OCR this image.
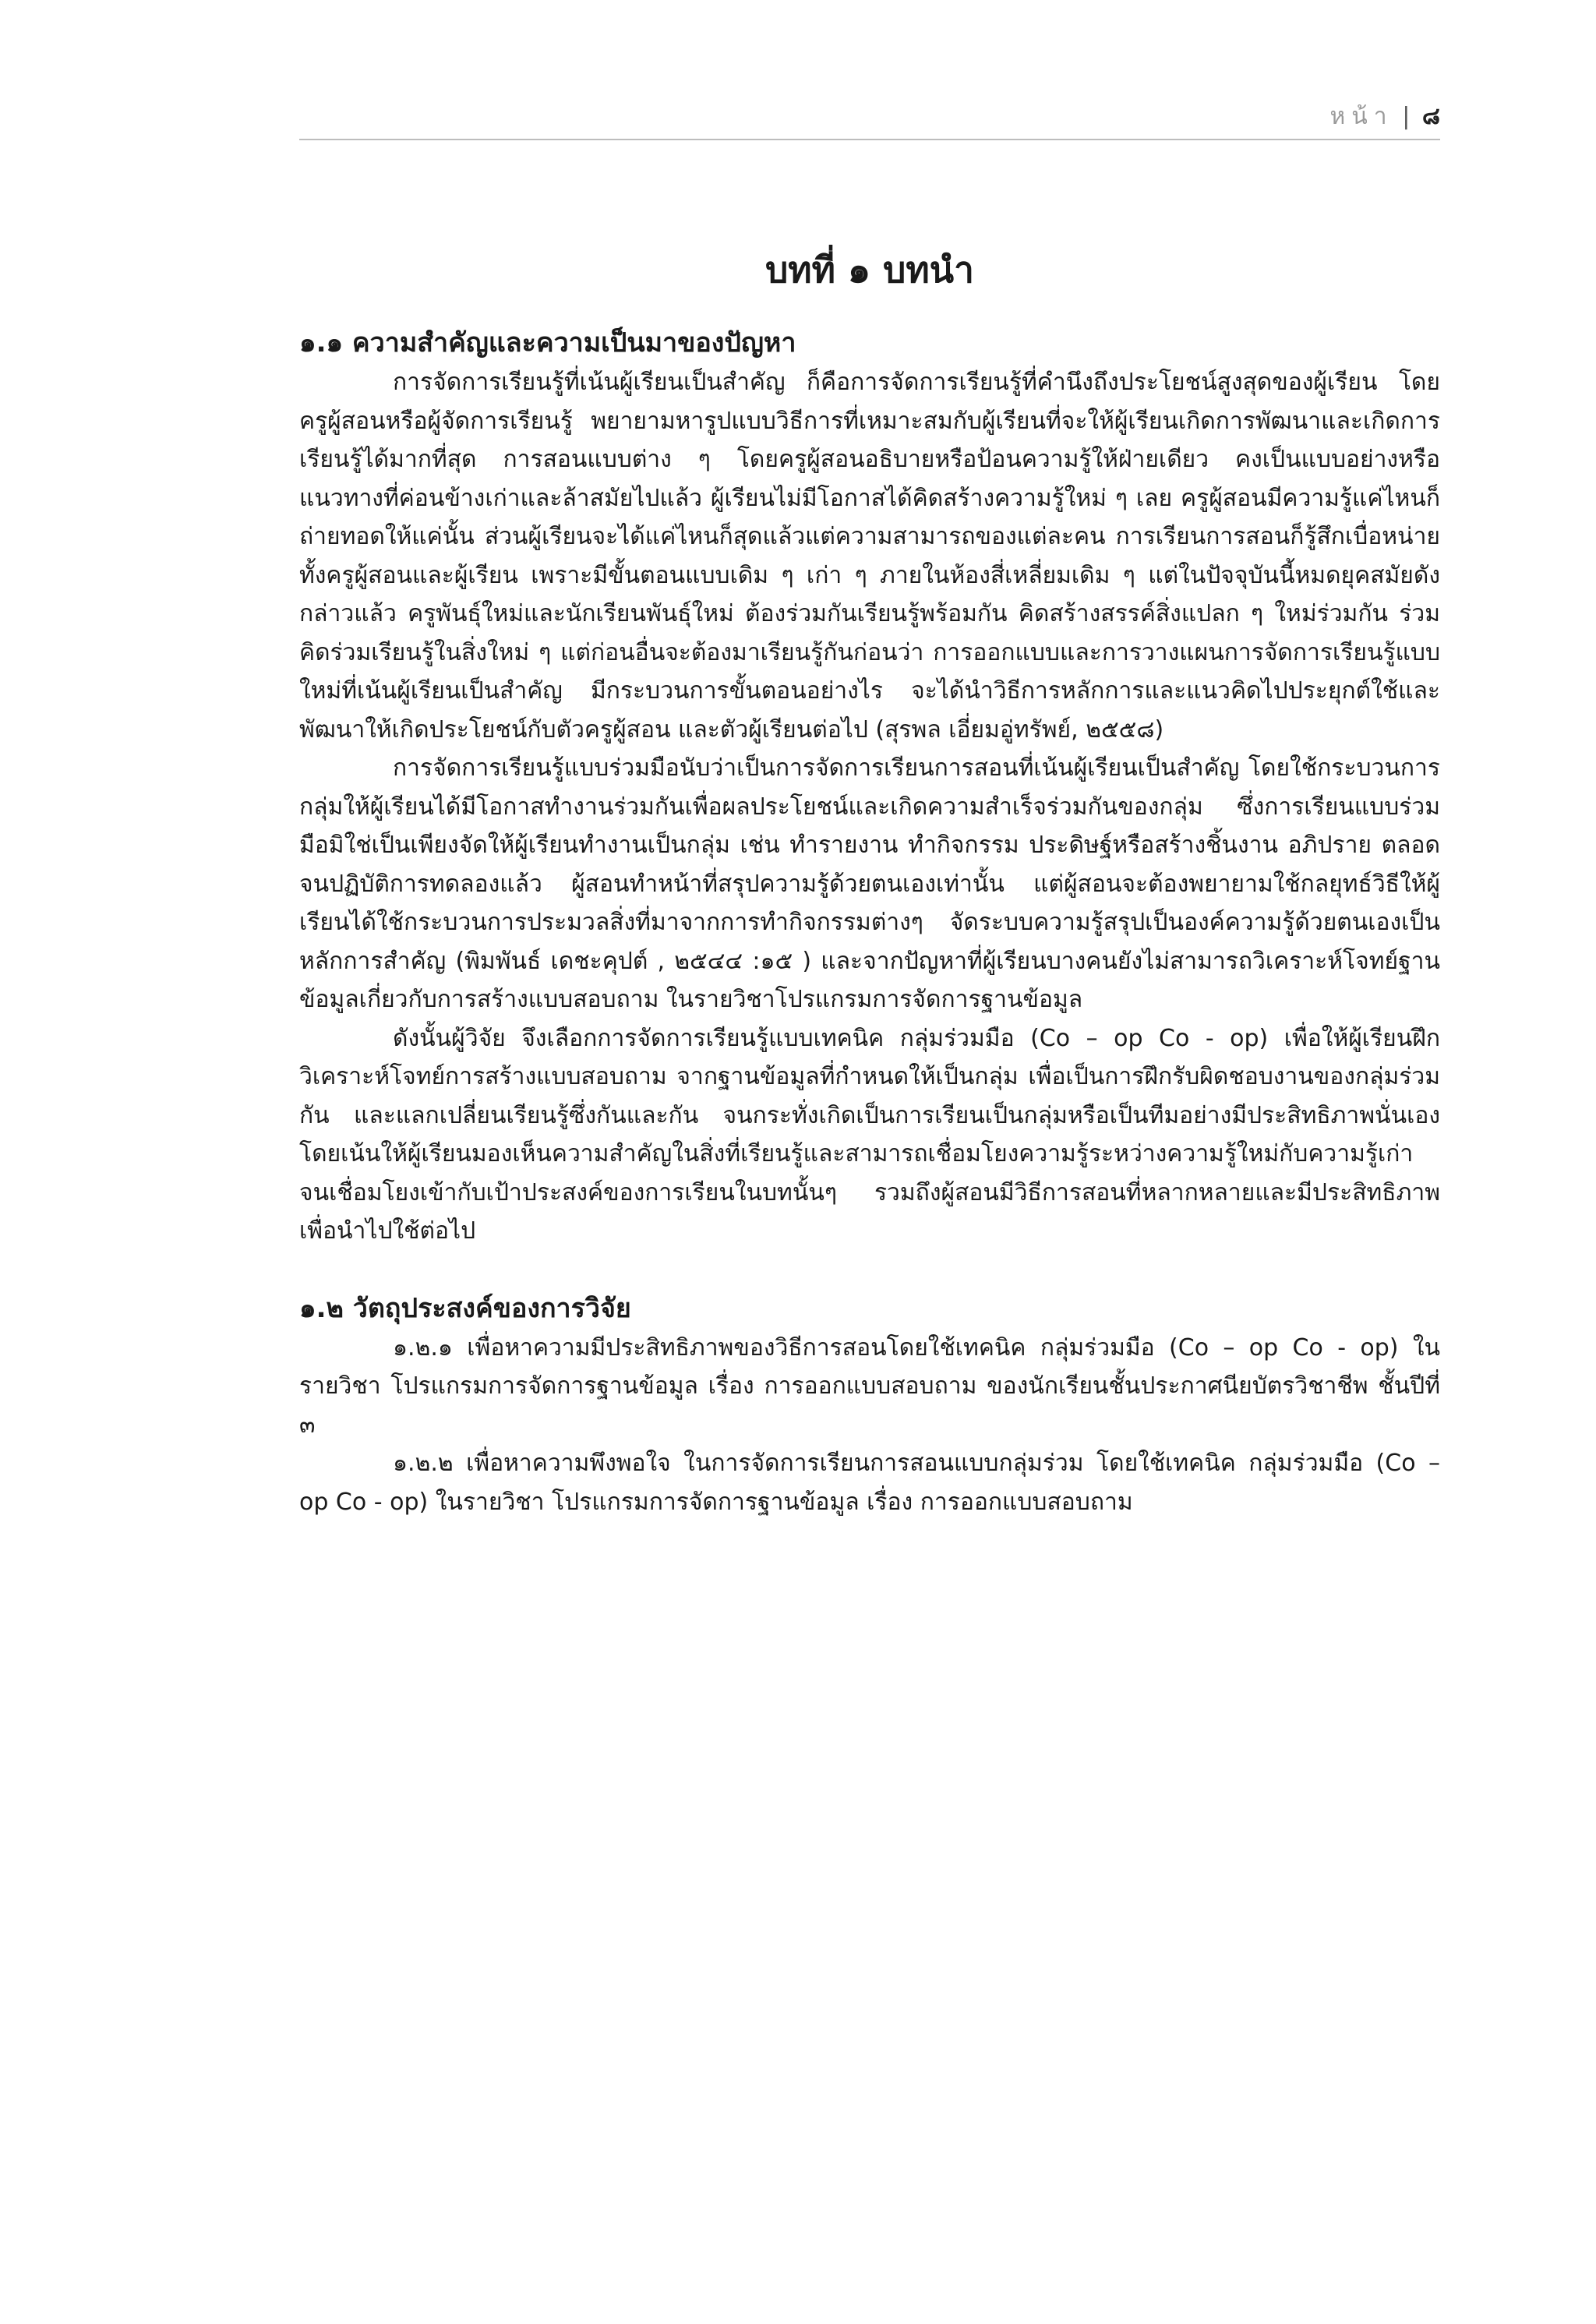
หน้า | ๘
บทที่ ๑ บทนำ
๑.๑ ความสำคัญและความเป็นมาของปัญหา

การจัดการเรียนรู้ที่เน้นผู้เรียนเป็นสำคัญ ก็คือการจัดการเรียนรู้ที่คำนึงถึงประโยชน์สูงสุดของผู้เรียน โดยครูผู้สอนหรือผู้จัดการเรียนรู้ พยายามหารูปแบบวิธีการที่เหมาะสมกับผู้เรียนที่จะให้ผู้เรียนเกิดการพัฒนาและเกิดการเรียนรู้ได้มากที่สุด การสอนแบบต่าง ๆ โดยครูผู้สอนอธิบายหรือป้อนความรู้ให้ฝ่ายเดียว คงเป็นแบบอย่างหรือแนวทางที่ค่อนข้างเก่าและล้าสมัยไปแล้ว ผู้เรียนไม่มีโอกาสได้คิดสร้างความรู้ใหม่ ๆ เลย ครูผู้สอนมีความรู้แค่ไหนก็ถ่ายทอดให้แค่นั้น ส่วนผู้เรียนจะได้แค่ไหนก็สุดแล้วแต่ความสามารถของแต่ละคน การเรียนการสอนก็รู้สึกเบื่อหน่ายทั้งครูผู้สอนและผู้เรียน เพราะมีขั้นตอนแบบเดิม ๆ เก่า ๆ ภายในห้องสี่เหลี่ยมเดิม ๆ แต่ในปัจจุบันนี้หมดยุคสมัยดังกล่าวแล้ว ครูพันธุ์ใหม่และนักเรียนพันธุ์ใหม่ ต้องร่วมกันเรียนรู้พร้อมกัน คิดสร้างสรรค์สิ่งแปลก ๆ ใหม่ร่วมกัน ร่วมคิดร่วมเรียนรู้ในสิ่งใหม่ ๆ แต่ก่อนอื่นจะต้องมาเรียนรู้กันก่อนว่า การออกแบบและการวางแผนการจัดการเรียนรู้แบบใหม่ที่เน้นผู้เรียนเป็นสำคัญ มีกระบวนการขั้นตอนอย่างไร จะได้นำวิธีการหลักการและแนวคิดไปประยุกต์ใช้และพัฒนาให้เกิดประโยชน์กับตัวครูผู้สอน และตัวผู้เรียนต่อไป (สุรพล เอี่ยมอู่ทรัพย์, ๒๕๕๘)

การจัดการเรียนรู้แบบร่วมมือนับว่าเป็นการจัดการเรียนการสอนที่เน้นผู้เรียนเป็นสำคัญ โดยใช้กระบวนการกลุ่มให้ผู้เรียนได้มีโอกาสทำงานร่วมกันเพื่อผลประโยชน์และเกิดความสำเร็จร่วมกันของกลุ่ม ซึ่งการเรียนแบบร่วมมือมิใช่เป็นเพียงจัดให้ผู้เรียนทำงานเป็นกลุ่ม เช่น ทำรายงาน ทำกิจกรรม ประดิษฐ์หรือสร้างชิ้นงาน อภิปราย ตลอดจนปฏิบัติการทดลองแล้ว ผู้สอนทำหน้าที่สรุปความรู้ด้วยตนเองเท่านั้น แต่ผู้สอนจะต้องพยายามใช้กลยุทธ์วิธีให้ผู้เรียนได้ใช้กระบวนการประมวลสิ่งที่มาจากการทำกิจกรรมต่างๆ จัดระบบความรู้สรุปเป็นองค์ความรู้ด้วยตนเองเป็นหลักการสำคัญ (พิมพันธ์ เดชะคุปต์ , ๒๕๔๔ :๑๕ ) และจากปัญหาที่ผู้เรียนบางคนยังไม่สามารถวิเคราะห์โจทย์ฐานข้อมูลเกี่ยวกับการสร้างแบบสอบถาม ในรายวิชาโปรแกรมการจัดการฐานข้อมูล

ดังนั้นผู้วิจัย จึงเลือกการจัดการเรียนรู้แบบเทคนิค กลุ่มร่วมมือ (Co – op Co - op) เพื่อให้ผู้เรียนฝึกวิเคราะห์โจทย์การสร้างแบบสอบถาม จากฐานข้อมูลที่กำหนดให้เป็นกลุ่ม เพื่อเป็นการฝึกรับผิดชอบงานของกลุ่มร่วมกัน และแลกเปลี่ยนเรียนรู้ซึ่งกันและกัน จนกระทั่งเกิดเป็นการเรียนเป็นกลุ่มหรือเป็นทีมอย่างมีประสิทธิภาพนั่นเอง โดยเน้นให้ผู้เรียนมองเห็นความสำคัญในสิ่งที่เรียนรู้และสามารถเชื่อมโยงความรู้ระหว่างความรู้ใหม่กับความรู้เก่าจนเชื่อมโยงเข้ากับเป้าประสงค์ของการเรียนในบทนั้นๆ รวมถึงผู้สอนมีวิธีการสอนที่หลากหลายและมีประสิทธิภาพเพื่อนำไปใช้ต่อไป

๑.๒ วัตถุประสงค์ของการวิจัย

๑.๒.๑ เพื่อหาความมีประสิทธิภาพของวิธีการสอนโดยใช้เทคนิค กลุ่มร่วมมือ (Co – op Co - op) ในรายวิชา โปรแกรมการจัดการฐานข้อมูล เรื่อง การออกแบบสอบถาม ของนักเรียนชั้นประกาศนียบัตรวิชาชีพ ชั้นปีที่ ๓

๑.๒.๒ เพื่อหาความพึงพอใจ ในการจัดการเรียนการสอนแบบกลุ่มร่วม โดยใช้เทคนิค กลุ่มร่วมมือ (Co – op Co - op) ในรายวิชา โปรแกรมการจัดการฐานข้อมูล เรื่อง การออกแบบสอบถาม
